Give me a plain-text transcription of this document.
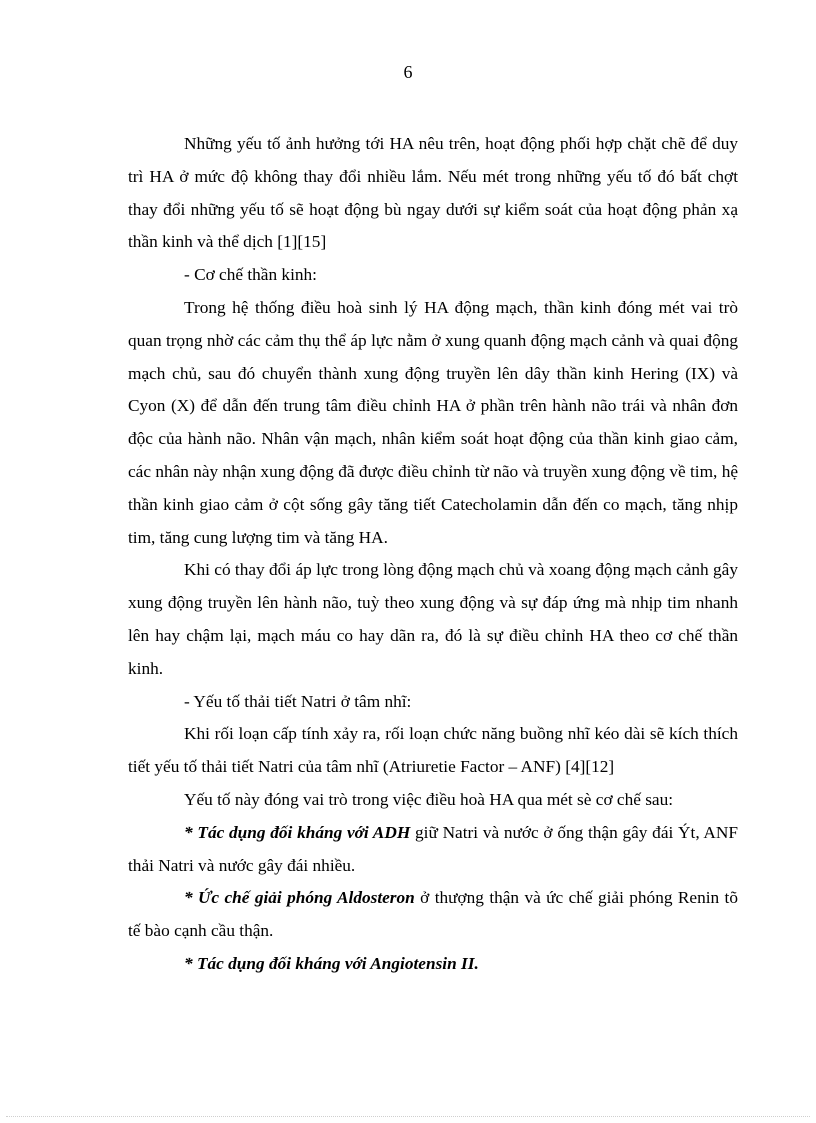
6

Những yếu tố ảnh hưởng tới HA nêu trên, hoạt động phối hợp chặt chẽ để duy trì HA ở mức độ không thay đổi nhiều lắm. Nếu mét trong những yếu tố đó bất chợt thay đổi những yếu tố sẽ hoạt động bù ngay dưới sự kiểm soát của hoạt động phản xạ thần kinh và thể dịch [1][15]

- Cơ chế thần kinh:

Trong hệ thống điều hoà sinh lý HA động mạch, thần kinh đóng mét vai trò quan trọng nhờ các cảm thụ thể áp lực nằm ở xung quanh động mạch cảnh và quai động mạch chủ, sau đó chuyển thành xung động truyền lên dây thần kinh Hering (IX) và Cyon (X) để dẫn đến trung tâm điều chỉnh HA ở phần trên hành não trái và nhân đơn độc của hành não. Nhân vận mạch, nhân kiểm soát hoạt động của thần kinh giao cảm, các nhân này nhận xung động đã được điều chỉnh từ não và truyền xung động về tim, hệ thần kinh giao cảm ở cột sống gây tăng tiết Catecholamin dẫn đến co mạch, tăng nhịp tim, tăng cung lượng tim và tăng HA.

Khi có thay đổi áp lực trong lòng động mạch chủ và xoang động mạch cảnh gây xung động truyền lên hành não, tuỳ theo xung động và sự đáp ứng mà nhịp tim nhanh lên hay chậm lại, mạch máu co hay dãn ra, đó là sự điều chỉnh HA theo cơ chế thần kinh.

- Yếu tố thải tiết Natri ở tâm nhĩ:

Khi rối loạn cấp tính xảy ra, rối loạn chức năng buồng nhĩ kéo dài sẽ kích thích tiết yếu tố thải tiết Natri của tâm nhĩ (Atriuretie Factor – ANF) [4][12]

Yếu tố này đóng vai trò trong việc điều hoà HA qua mét sè cơ chế sau:

* Tác dụng đối kháng với ADH giữ Natri và nước ở ống thận gây đái Ýt, ANF thải Natri và nước gây đái nhiều.

* Ức chế giải phóng Aldosteron ở thượng thận và ức chế giải phóng Renin tõ tế bào cạnh cầu thận.

* Tác dụng đối kháng với Angiotensin II.
